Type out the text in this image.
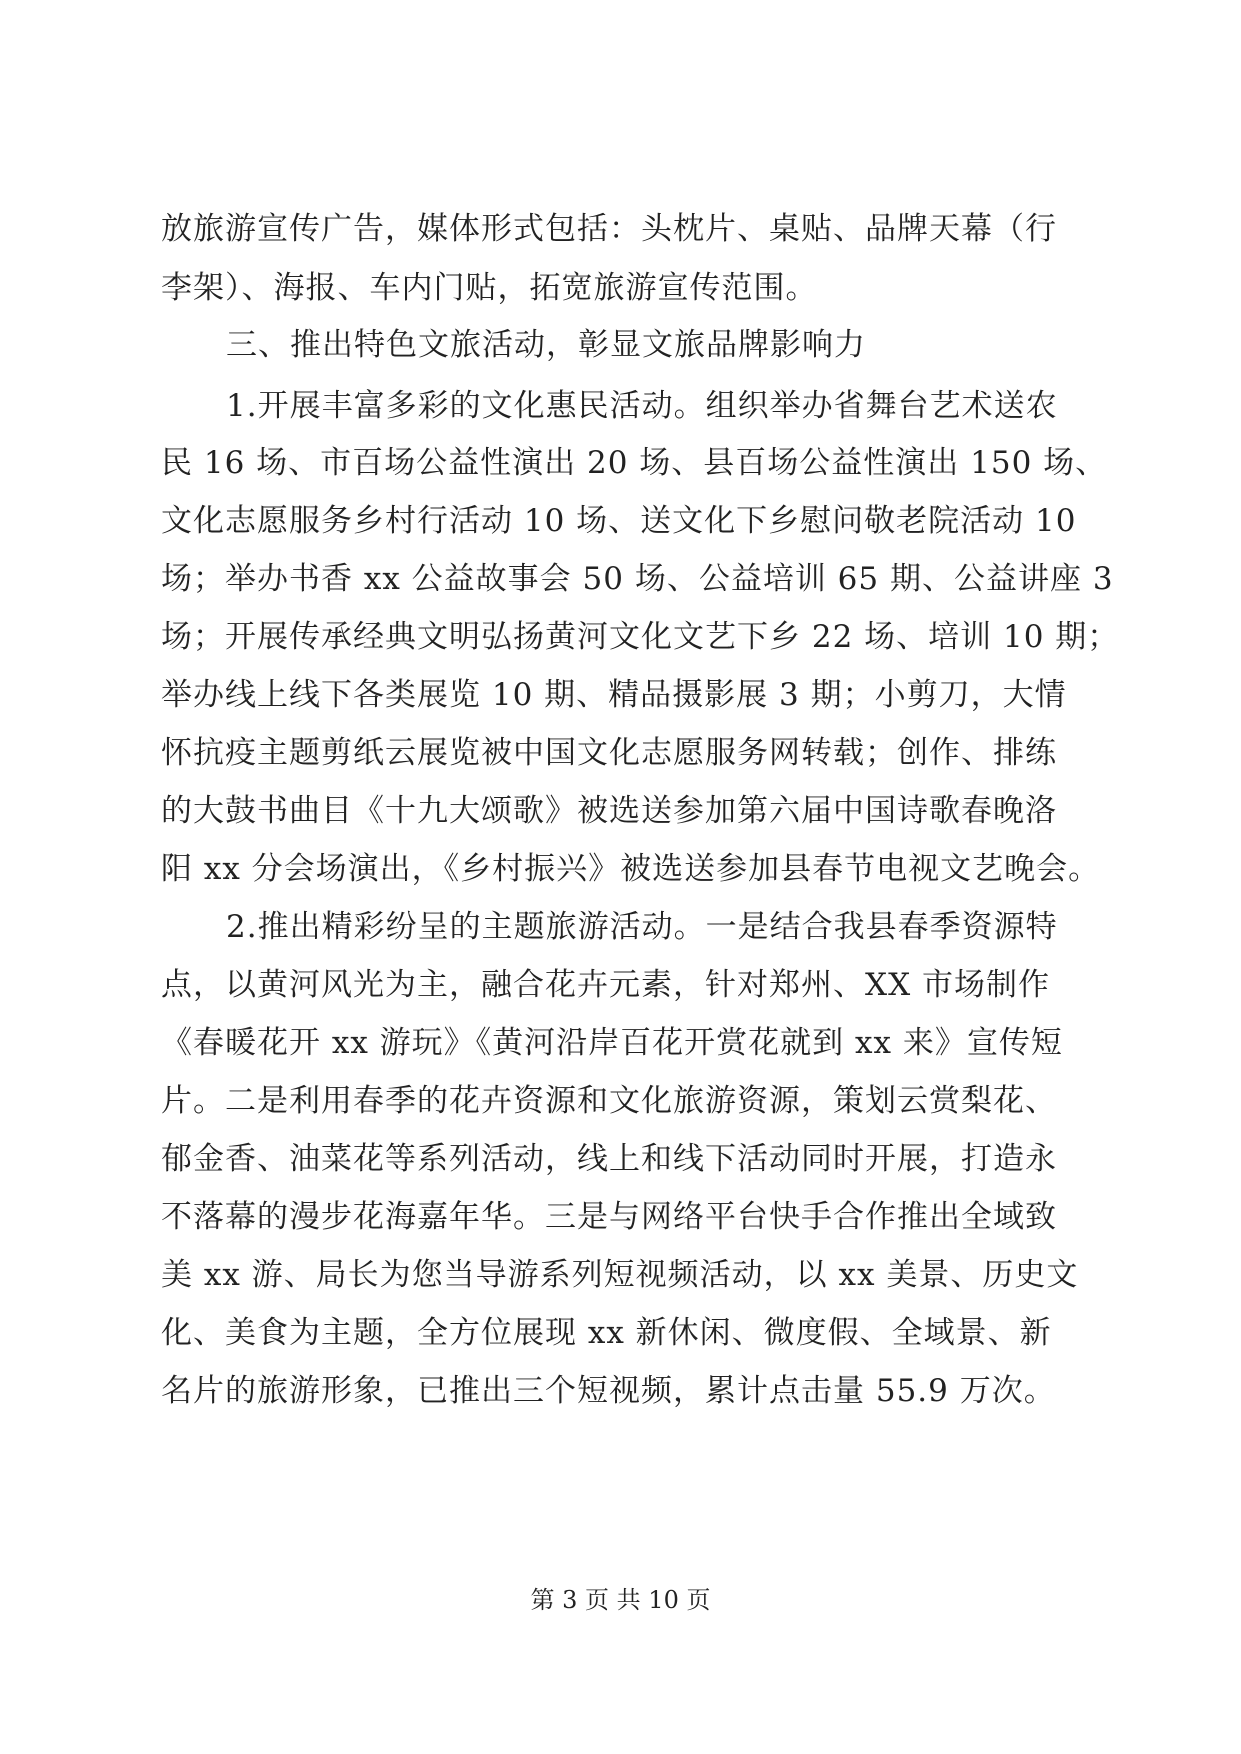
放旅游宣传广告，媒体形式包括：头枕片、桌贴、品牌天幕（行
李架）、海报、车内门贴，拓宽旅游宣传范围。
三、推出特色文旅活动，彰显文旅品牌影响力
1.开展丰富多彩的文化惠民活动。组织举办省舞台艺术送农
民 16 场、市百场公益性演出 20 场、县百场公益性演出 150 场、
文化志愿服务乡村行活动 10 场、送文化下乡慰问敬老院活动 10
场；举办书香 xx 公益故事会 50 场、公益培训 65 期、公益讲座 3
场；开展传承经典文明弘扬黄河文化文艺下乡 22 场、培训 10 期；
举办线上线下各类展览 10 期、精品摄影展 3 期；小剪刀，大情
怀抗疫主题剪纸云展览被中国文化志愿服务网转载；创作、排练
的大鼓书曲目《十九大颂歌》被选送参加第六届中国诗歌春晚洛
阳 xx 分会场演出，《乡村振兴》被选送参加县春节电视文艺晚会。
2.推出精彩纷呈的主题旅游活动。一是结合我县春季资源特
点，以黄河风光为主，融合花卉元素，针对郑州、XX 市场制作
《春暖花开 xx 游玩》《黄河沿岸百花开赏花就到 xx 来》宣传短
片。二是利用春季的花卉资源和文化旅游资源，策划云赏梨花、
郁金香、油菜花等系列活动，线上和线下活动同时开展，打造永
不落幕的漫步花海嘉年华。三是与网络平台快手合作推出全域致
美 xx 游、局长为您当导游系列短视频活动，以 xx 美景、历史文
化、美食为主题，全方位展现 xx 新休闲、微度假、全域景、新
名片的旅游形象，已推出三个短视频，累计点击量 55.9 万次。
第 3 页 共 10 页
